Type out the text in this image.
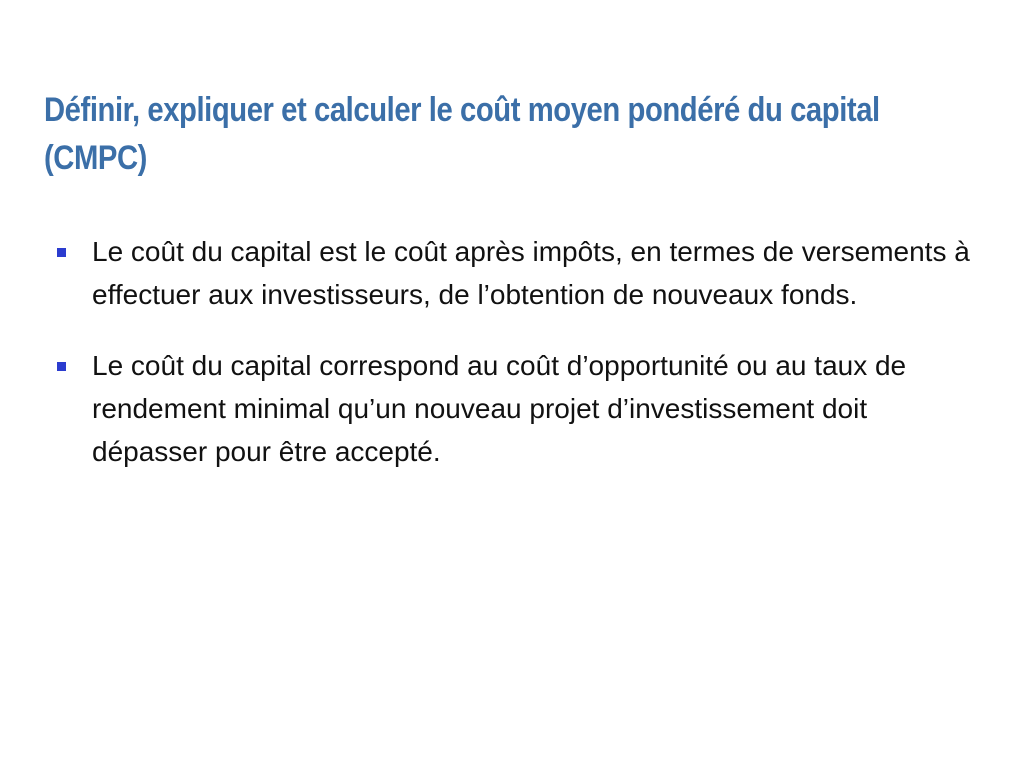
Définir, expliquer et calculer le coût moyen pondéré du capital (CMPC)
Le coût du capital est le coût après impôts, en termes de versements à effectuer aux investisseurs, de l’obtention de nouveaux fonds.
Le coût du capital correspond au coût d’opportunité ou au taux de rendement minimal qu’un nouveau projet d’investissement doit dépasser pour être accepté.
